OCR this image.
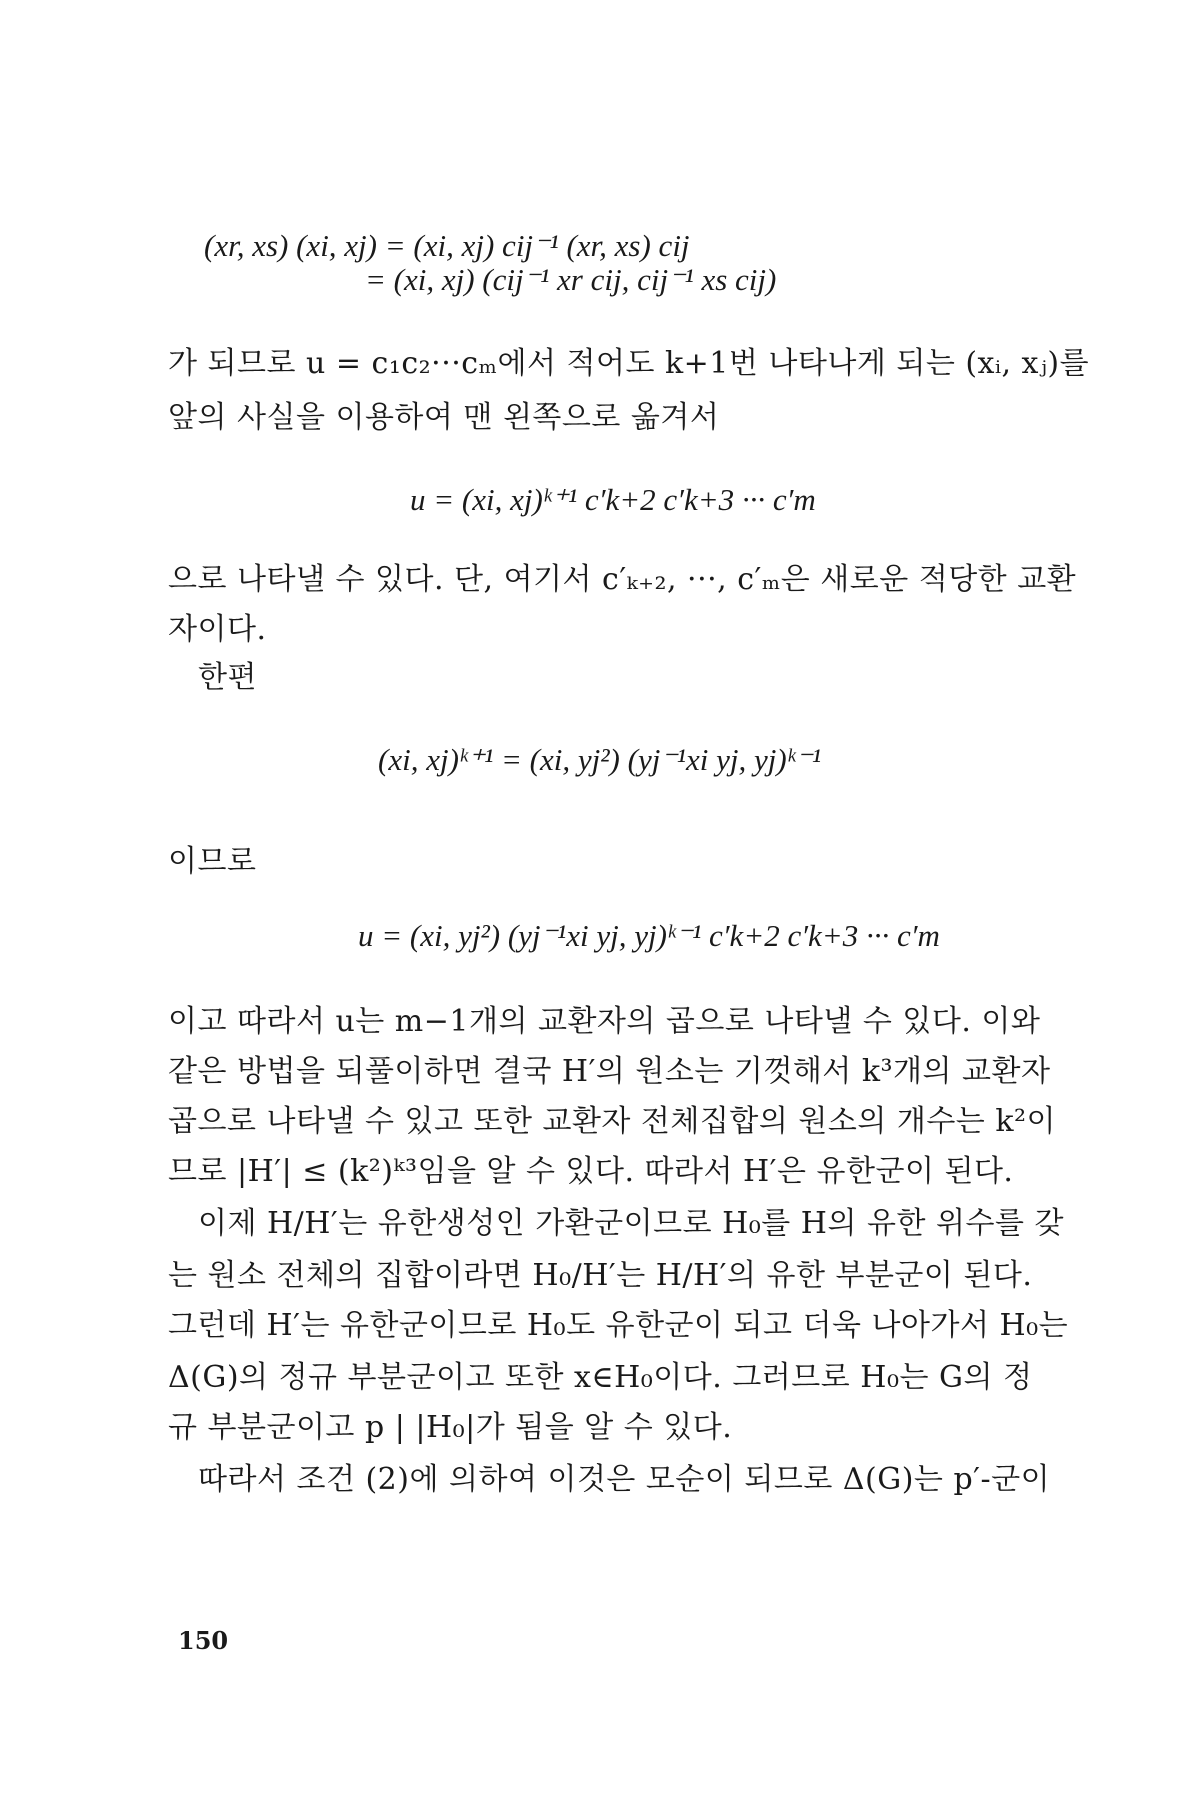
(xr, xs) (xi, xj) = (xi, xj) cij⁻¹ (xr, xs) cij
= (xi, xj) (cij⁻¹ xr cij, cij⁻¹ xs cij)
가 되므로 u = c₁c₂···cₘ에서 적어도 k+1번 나타나게 되는 (xᵢ, xⱼ)를
앞의 사실을 이용하여 맨 왼쪽으로 옮겨서
u = (xi, xj)ᵏ⁺¹ c′k+2 c′k+3 ··· c′m
으로 나타낼 수 있다. 단, 여기서 c′ₖ₊₂, ···, c′ₘ은 새로운 적당한 교환
자이다.
한편
(xi, xj)ᵏ⁺¹ = (xi, yj²) (yj⁻¹xi yj, yj)ᵏ⁻¹
이므로
u = (xi, yj²) (yj⁻¹xi yj, yj)ᵏ⁻¹ c′k+2 c′k+3 ··· c′m
이고 따라서 u는 m−1개의 교환자의 곱으로 나타낼 수 있다. 이와
같은 방법을 되풀이하면 결국 H′의 원소는 기껏해서 k³개의 교환자
곱으로 나타낼 수 있고 또한 교환자 전체집합의 원소의 개수는 k²이
므로 |H′| ≤ (k²)ᵏ³임을 알 수 있다. 따라서 H′은 유한군이 된다.
이제 H/H′는 유한생성인 가환군이므로 H₀를 H의 유한 위수를 갖
는 원소 전체의 집합이라면 H₀/H′는 H/H′의 유한 부분군이 된다.
그런데 H′는 유한군이므로 H₀도 유한군이 되고 더욱 나아가서 H₀는
Δ(G)의 정규 부분군이고 또한 x∈H₀이다. 그러므로 H₀는 G의 정
규 부분군이고 p | |H₀|가 됨을 알 수 있다.
따라서 조건 (2)에 의하여 이것은 모순이 되므로 Δ(G)는 p′-군이
150
